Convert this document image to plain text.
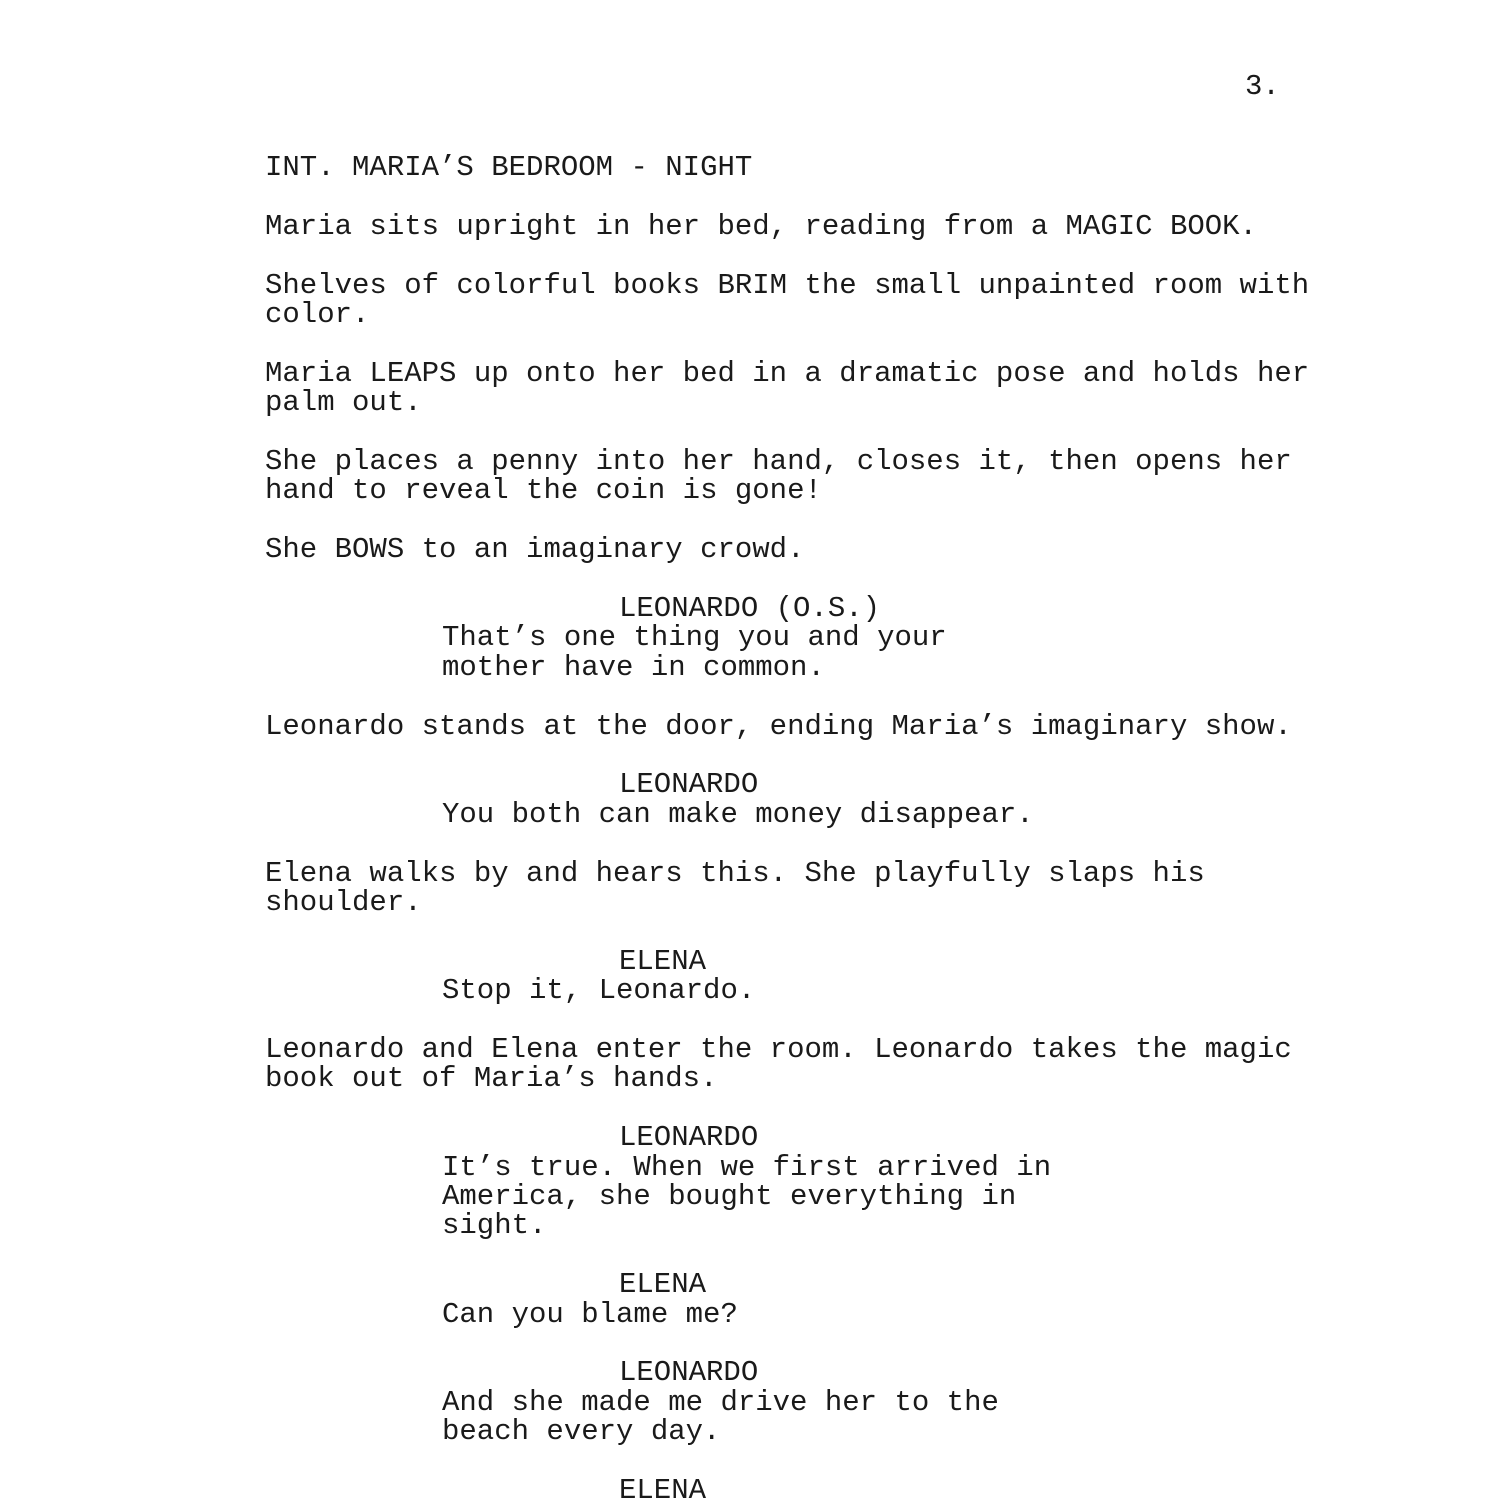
3.
INT. MARIA’S BEDROOM - NIGHT
Maria sits upright in her bed, reading from a MAGIC BOOK.
Shelves of colorful books BRIM the small unpainted room with
color.
Maria LEAPS up onto her bed in a dramatic pose and holds her
palm out.
She places a penny into her hand, closes it, then opens her
hand to reveal the coin is gone!
She BOWS to an imaginary crowd.
LEONARDO (O.S.)
That’s one thing you and your
mother have in common.
Leonardo stands at the door, ending Maria’s imaginary show.
LEONARDO
You both can make money disappear.
Elena walks by and hears this. She playfully slaps his
shoulder.
ELENA
Stop it, Leonardo.
Leonardo and Elena enter the room. Leonardo takes the magic
book out of Maria’s hands.
LEONARDO
It’s true. When we first arrived in
America, she bought everything in
sight.
ELENA
Can you blame me?
LEONARDO
And she made me drive her to the
beach every day.
ELENA
